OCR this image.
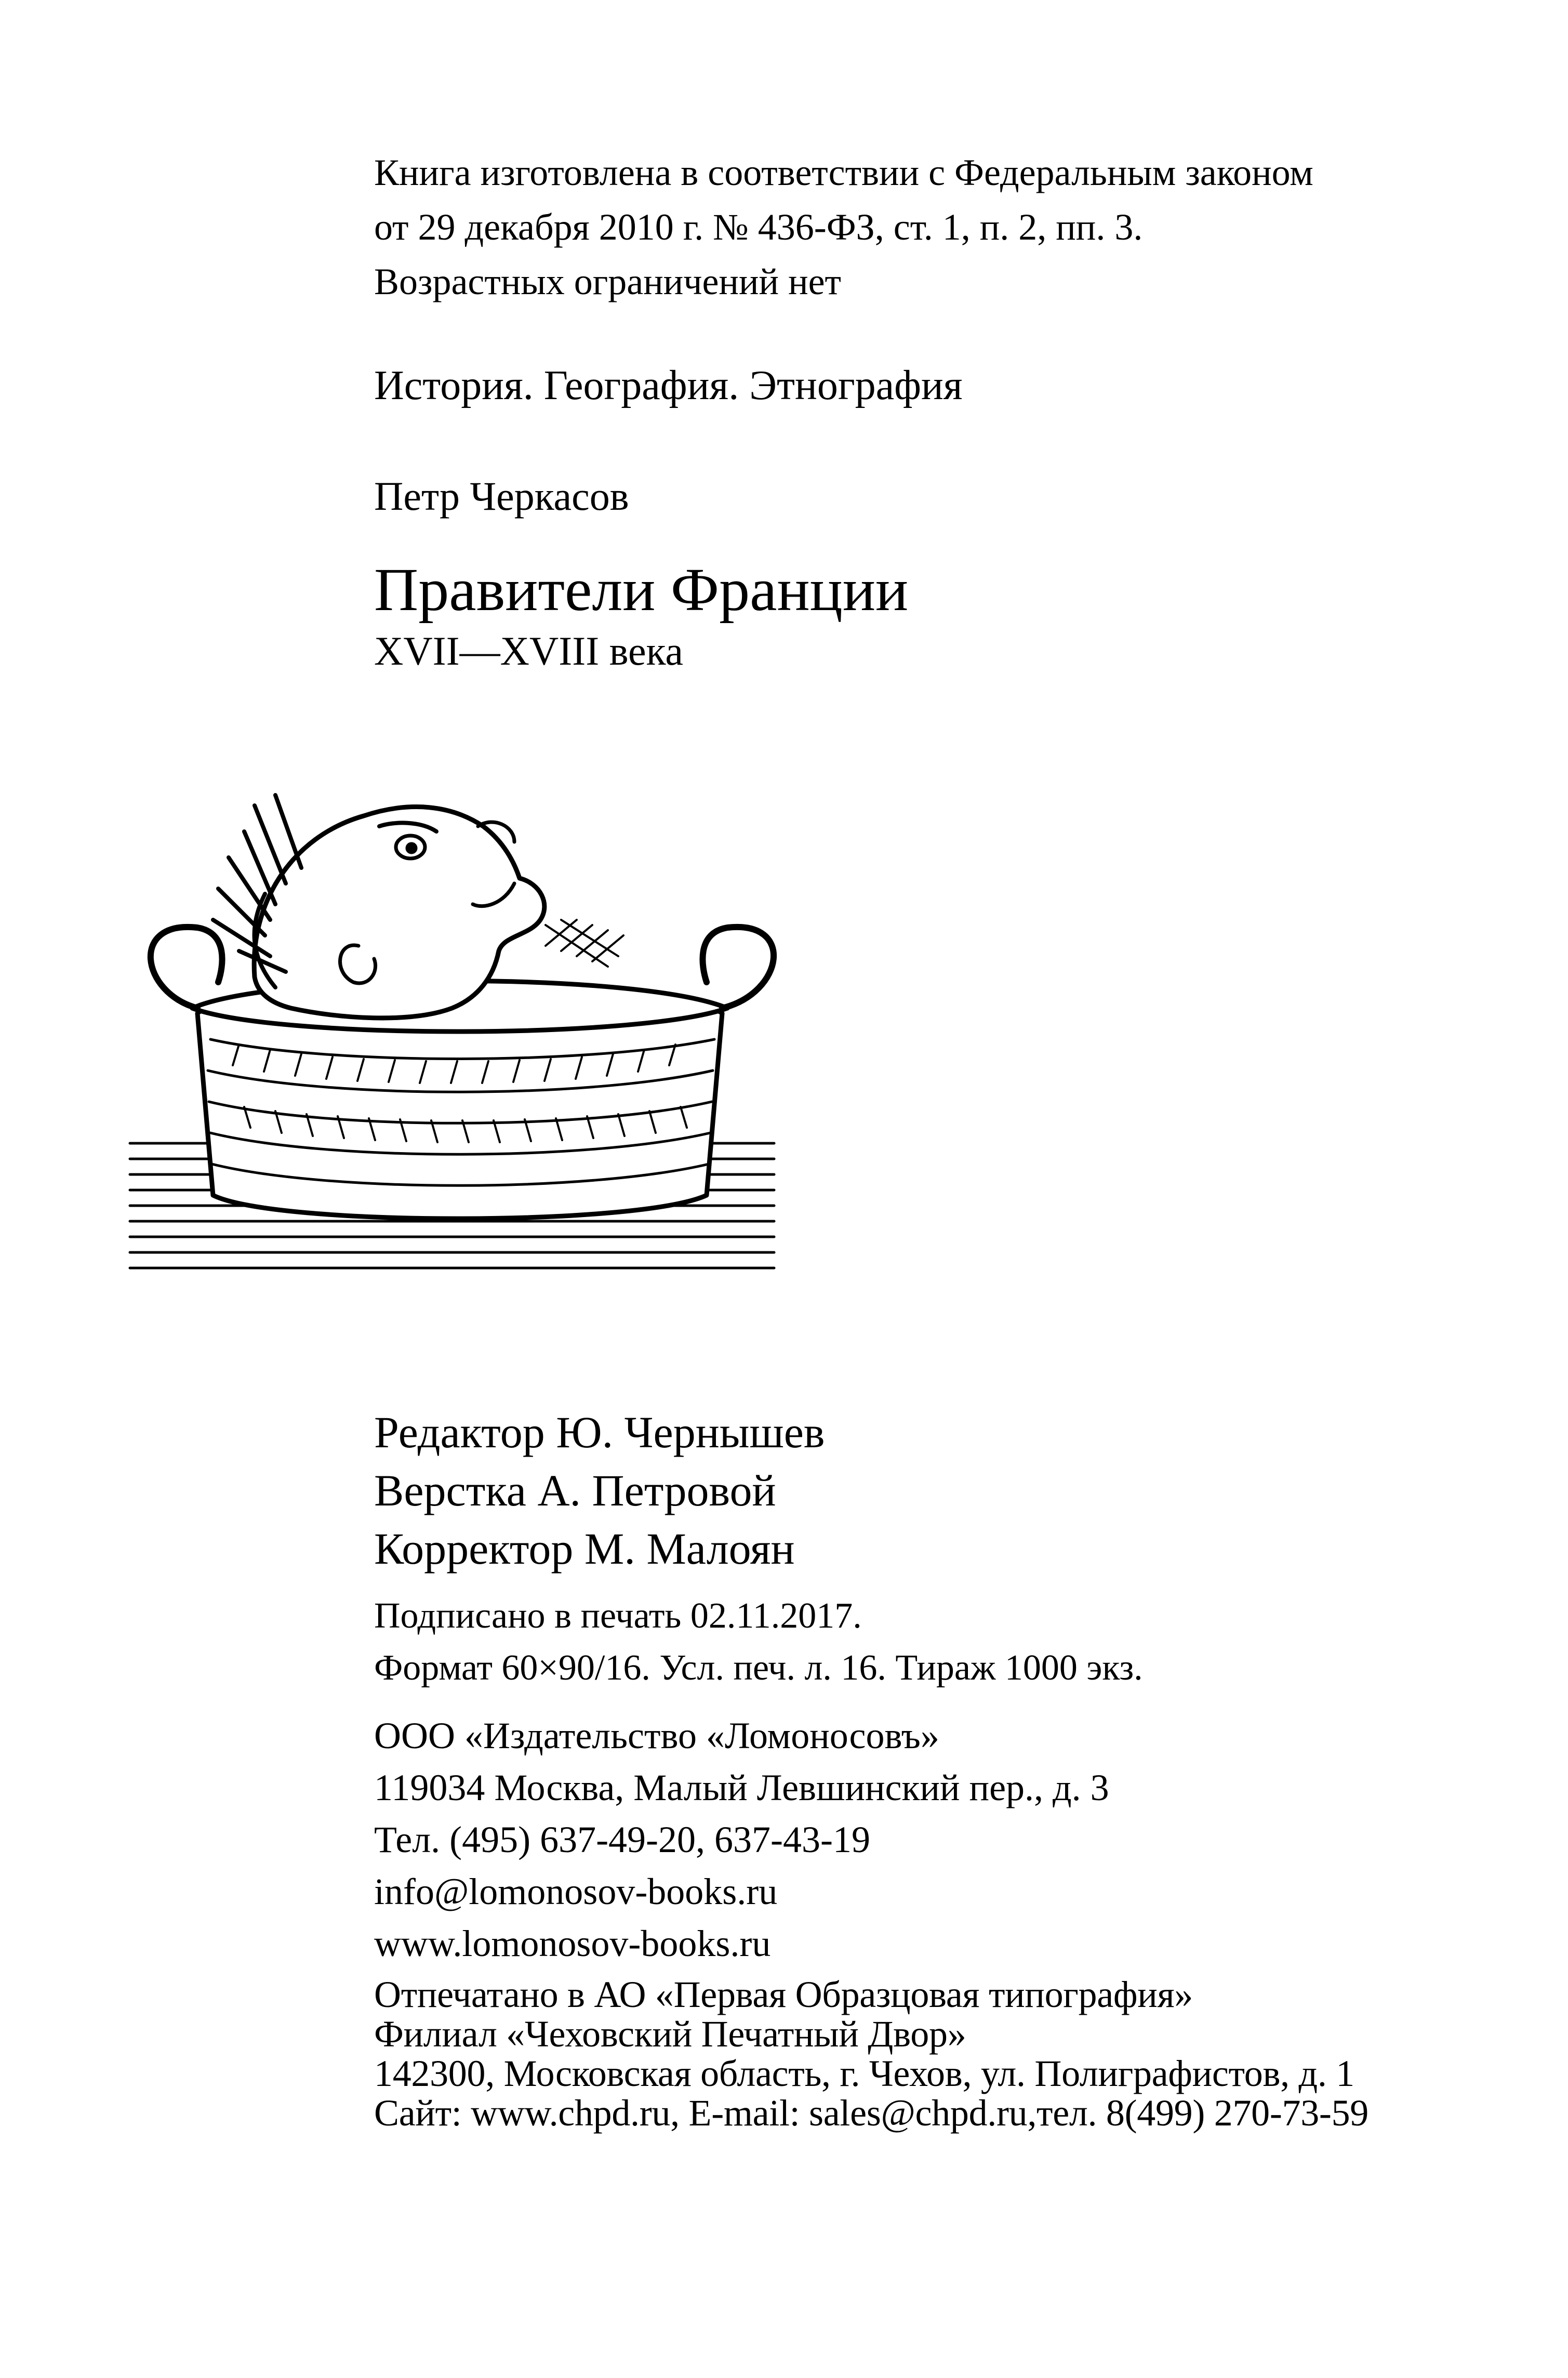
Книга изготовлена в соответствии с Федеральным законом
от 29 декабря 2010 г. № 436-ФЗ, ст. 1, п. 2, пп. 3.
Возрастных ограничений нет
История. География. Этнография
Петр Черкасов
Правители Франции
XVII—XVIII века
Редактор Ю. Чернышев
Верстка А. Петровой
Корректор М. Малоян
Подписано в печать 02.11.2017.
Формат 60×90/16. Усл. печ. л. 16. Тираж 1000 экз.
ООО «Издательство «Ломоносовъ»
119034 Москва, Малый Левшинский пер., д. 3
Тел. (495) 637-49-20, 637-43-19
info@lomonosov-books.ru
www.lomonosov-books.ru
Отпечатано в АО «Первая Образцовая типография»
Филиал «Чеховский Печатный Двор»
142300, Московская область, г. Чехов, ул. Полиграфистов, д. 1
Сайт: www.chpd.ru, E-mail: sales@chpd.ru,тел. 8(499) 270-73-59
